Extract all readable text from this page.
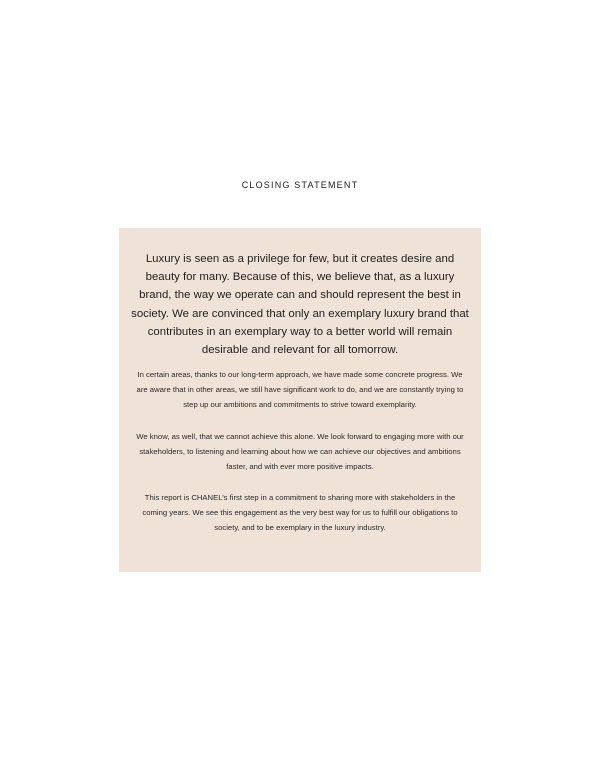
CLOSING STATEMENT

Luxury is seen as a privilege for few, but it creates desire and beauty for many. Because of this, we believe that, as a luxury brand, the way we operate can and should represent the best in society. We are convinced that only an exemplary luxury brand that contributes in an exemplary way to a better world will remain desirable and relevant for all tomorrow.

In certain areas, thanks to our long-term approach, we have made some concrete progress. We are aware that in other areas, we still have significant work to do, and we are constantly trying to step up our ambitions and commitments to strive toward exemplarity.

We know, as well, that we cannot achieve this alone. We look forward to engaging more with our stakeholders, to listening and learning about how we can achieve our objectives and ambitions faster, and with ever more positive impacts.

This report is CHANEL’s first step in a commitment to sharing more with stakeholders in the coming years. We see this engagement as the very best way for us to fulfill our obligations to society, and to be exemplary in the luxury industry.
